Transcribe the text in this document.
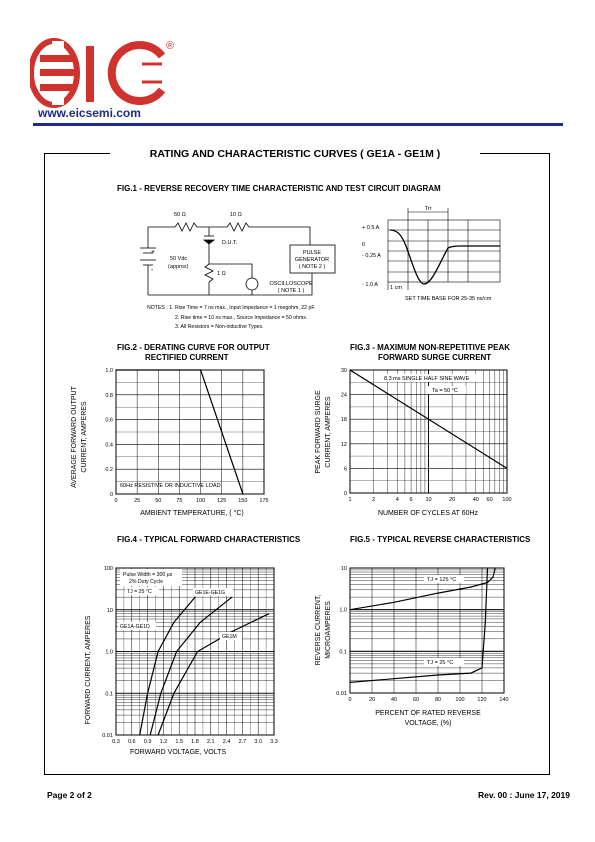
®
www.eicsemi.com
RATING AND CHARACTERISTIC CURVES ( GE1A - GE1M )
FIG.1 - REVERSE RECOVERY TIME CHARACTERISTIC AND TEST CIRCUIT DIAGRAM
50 Ω	10 Ω
1 Ω
D.U.T.
50 Vdc
(approx)
+
-
PULSE
GENERATOR
( NOTE 2 )
OSCILLOSCOPE
( NOTE 1 )
Trr
+ 0.5 A
0
- 0.25 A
- 1.0 A 1 cm
SET TIME BASE FOR 25-35 ns/cm
NOTES : 1. Rise Time = 7 ns max., Input Impedance = 1 megohm, 22 pF.
2. Rise time = 10 ns max., Source Impedance = 50 ohms.
3. All Resistors = Non-inductive Types.
FIG.2 - DERATING CURVE FOR OUTPUT
RECTIFIED CURRENT
0	25	50	75 100 125 150 175
0
0.2
0.4
0.6
0.8
1.0
AVERAGE FORWARD OUTPUT CURRENT, AMPERES
AMBIENT TEMPERATURE, ( °C)
60Hz RESISTIVE OR INDUCTIVE LOAD
FIG.3 - MAXIMUM NON-REPETITIVE PEAK
FORWARD SURGE CURRENT
1	2	4 6 10	20	40 60 100
0
6
12
18
24
30
PEAK FORWARD SURGE CURRENT, AMPERES
NUMBER OF CYCLES AT 60Hz
8.3 ms SINGLE HALF SINE WAVE
Ta = 50 °C
FIG.4 - TYPICAL FORWARD CHARACTERISTICS
0.3 0.6 0.9 1.2 1.5 1.8 2.1 2.4 2.7 3.0 3.3
0.01
0.1
1.0
10
100
FORWARD CURRENT, AMPERES
FORWARD VOLTAGE, VOLTS
Pulse Width = 300 μs
2% Duty Cycle
TJ = 25 °C	GE1E-GE1G
GE1A-GE1D
GE1M
FIG.5 - TYPICAL REVERSE CHARACTERISTICS
0	20	40	60	80	100 120 140
0.01
0.1
1.0
10
REVERSE CURRENT, MICROAMPERES
PERCENT OF RATED REVERSE
VOLTAGE, (%)
TJ = 125 °C
TJ = 25 °C
Page 2 of 2	Rev. 00 : June 17, 2019
